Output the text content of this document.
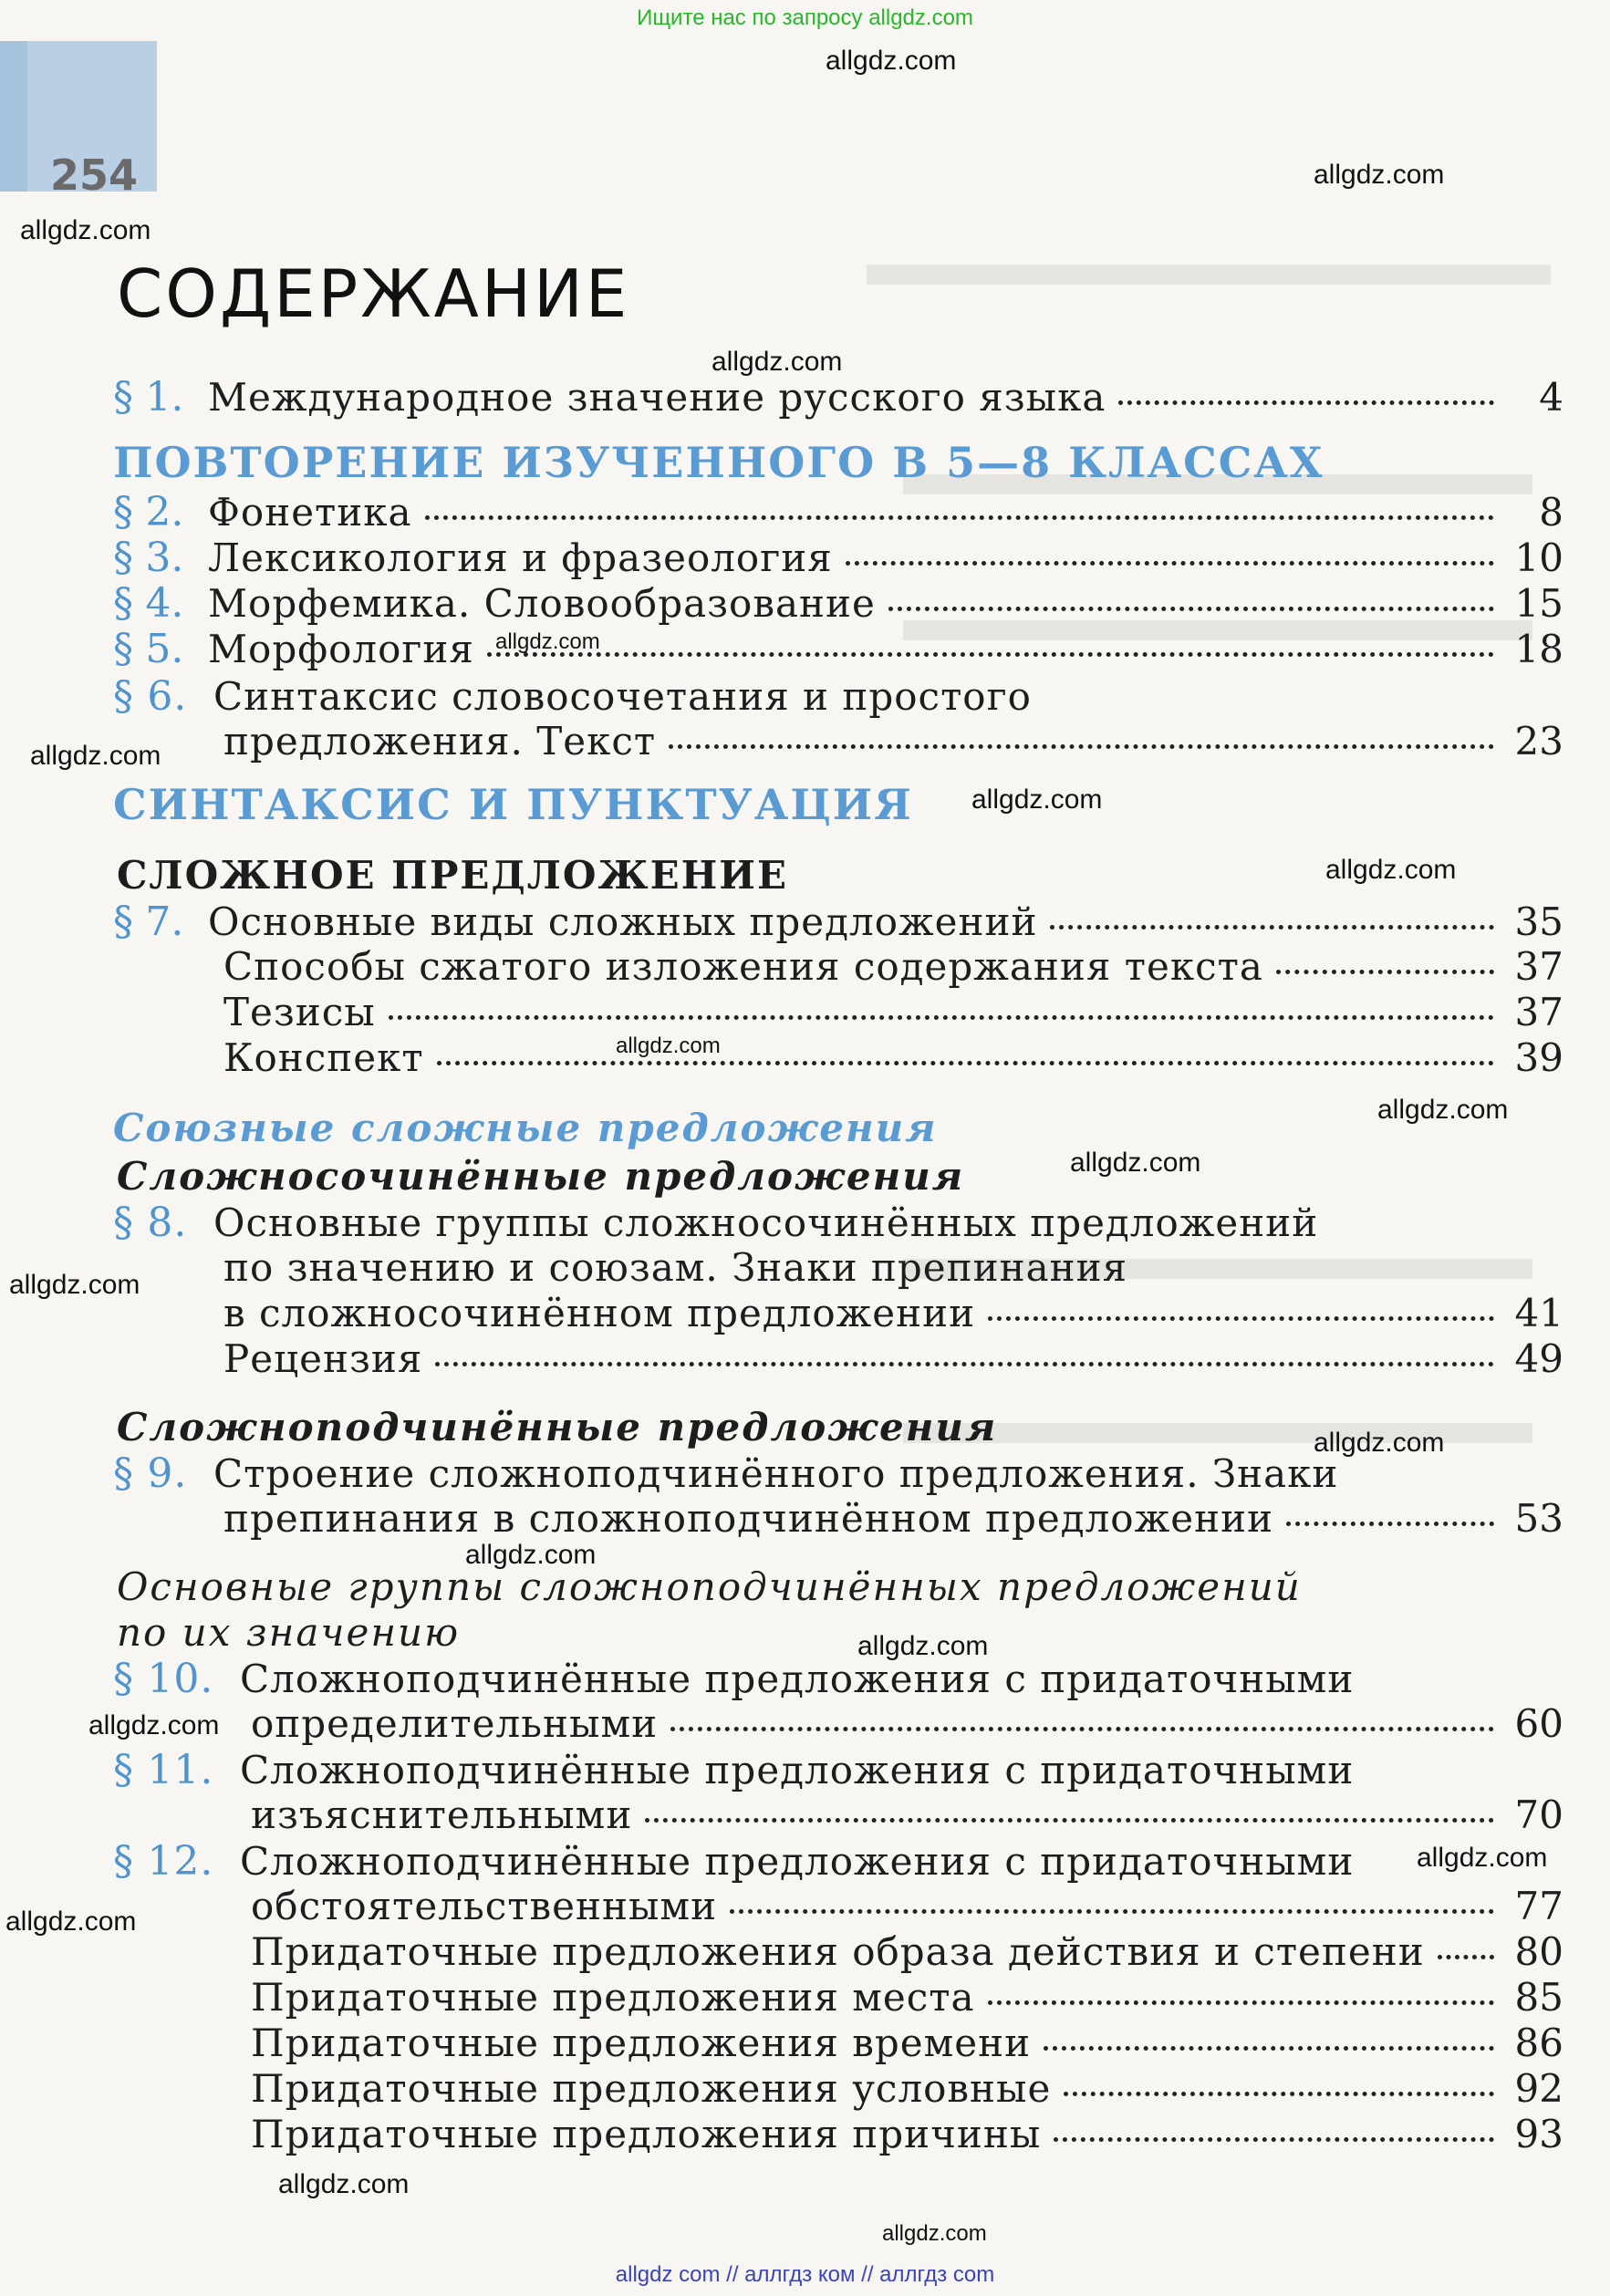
Ищите нас по запросу allgdz.com
254
СОДЕРЖАНИЕ
§
1.
Международное значение русского языка	4
ПОВТОРЕНИЕ ИЗУЧЕННОГО В 5—8 КЛАССАХ
§
2.
Фонетика	8
§
3.
Лексикология и фразеология	10
§
4.
Морфемика. Словообразование	15
§
5.
Морфология	18
§ 6. Синтаксис словосочетания и простого
предложения. Текст	23
СИНТАКСИС И ПУНКТУАЦИЯ
СЛОЖНОЕ ПРЕДЛОЖЕНИЕ
§
7.
Основные виды сложных предложений	35
Способы сжатого изложения содержания текста	37
Тезисы	37
Конспект	39
Союзные сложные предложения
Сложносочинённые предложения
§ 8. Основные группы сложносочинённых предложений
по значению и союзам. Знаки препинания
в сложносочинённом предложении	41
Рецензия	49
Сложноподчинённые предложения
§ 9. Строение сложноподчинённого предложения. Знаки
препинания в сложноподчинённом предложении	53
Основные группы сложноподчинённых предложений
по их значению
§ 10. Сложноподчинённые предложения с придаточными
определительными	60
§ 11. Сложноподчинённые предложения с придаточными
изъяснительными	70
§ 12. Сложноподчинённые предложения с придаточными
обстоятельственными	77
Придаточные предложения образа действия и степени 80
Придаточные предложения места	85
Придаточные предложения времени	86
Придаточные предложения условные	92
Придаточные предложения причины	93
allgdz.com
allgdz.com
allgdz.com
allgdz.com
allgdz.com
allgdz.com
allgdz.com
allgdz.com
allgdz.com
allgdz.com
allgdz.com
allgdz.com
allgdz.com
allgdz.com
allgdz.com
allgdz.com
allgdz.com
allgdz.com
allgdz.com
allgdz.com
allgdz com // аллгдз ком // аллгдз com
